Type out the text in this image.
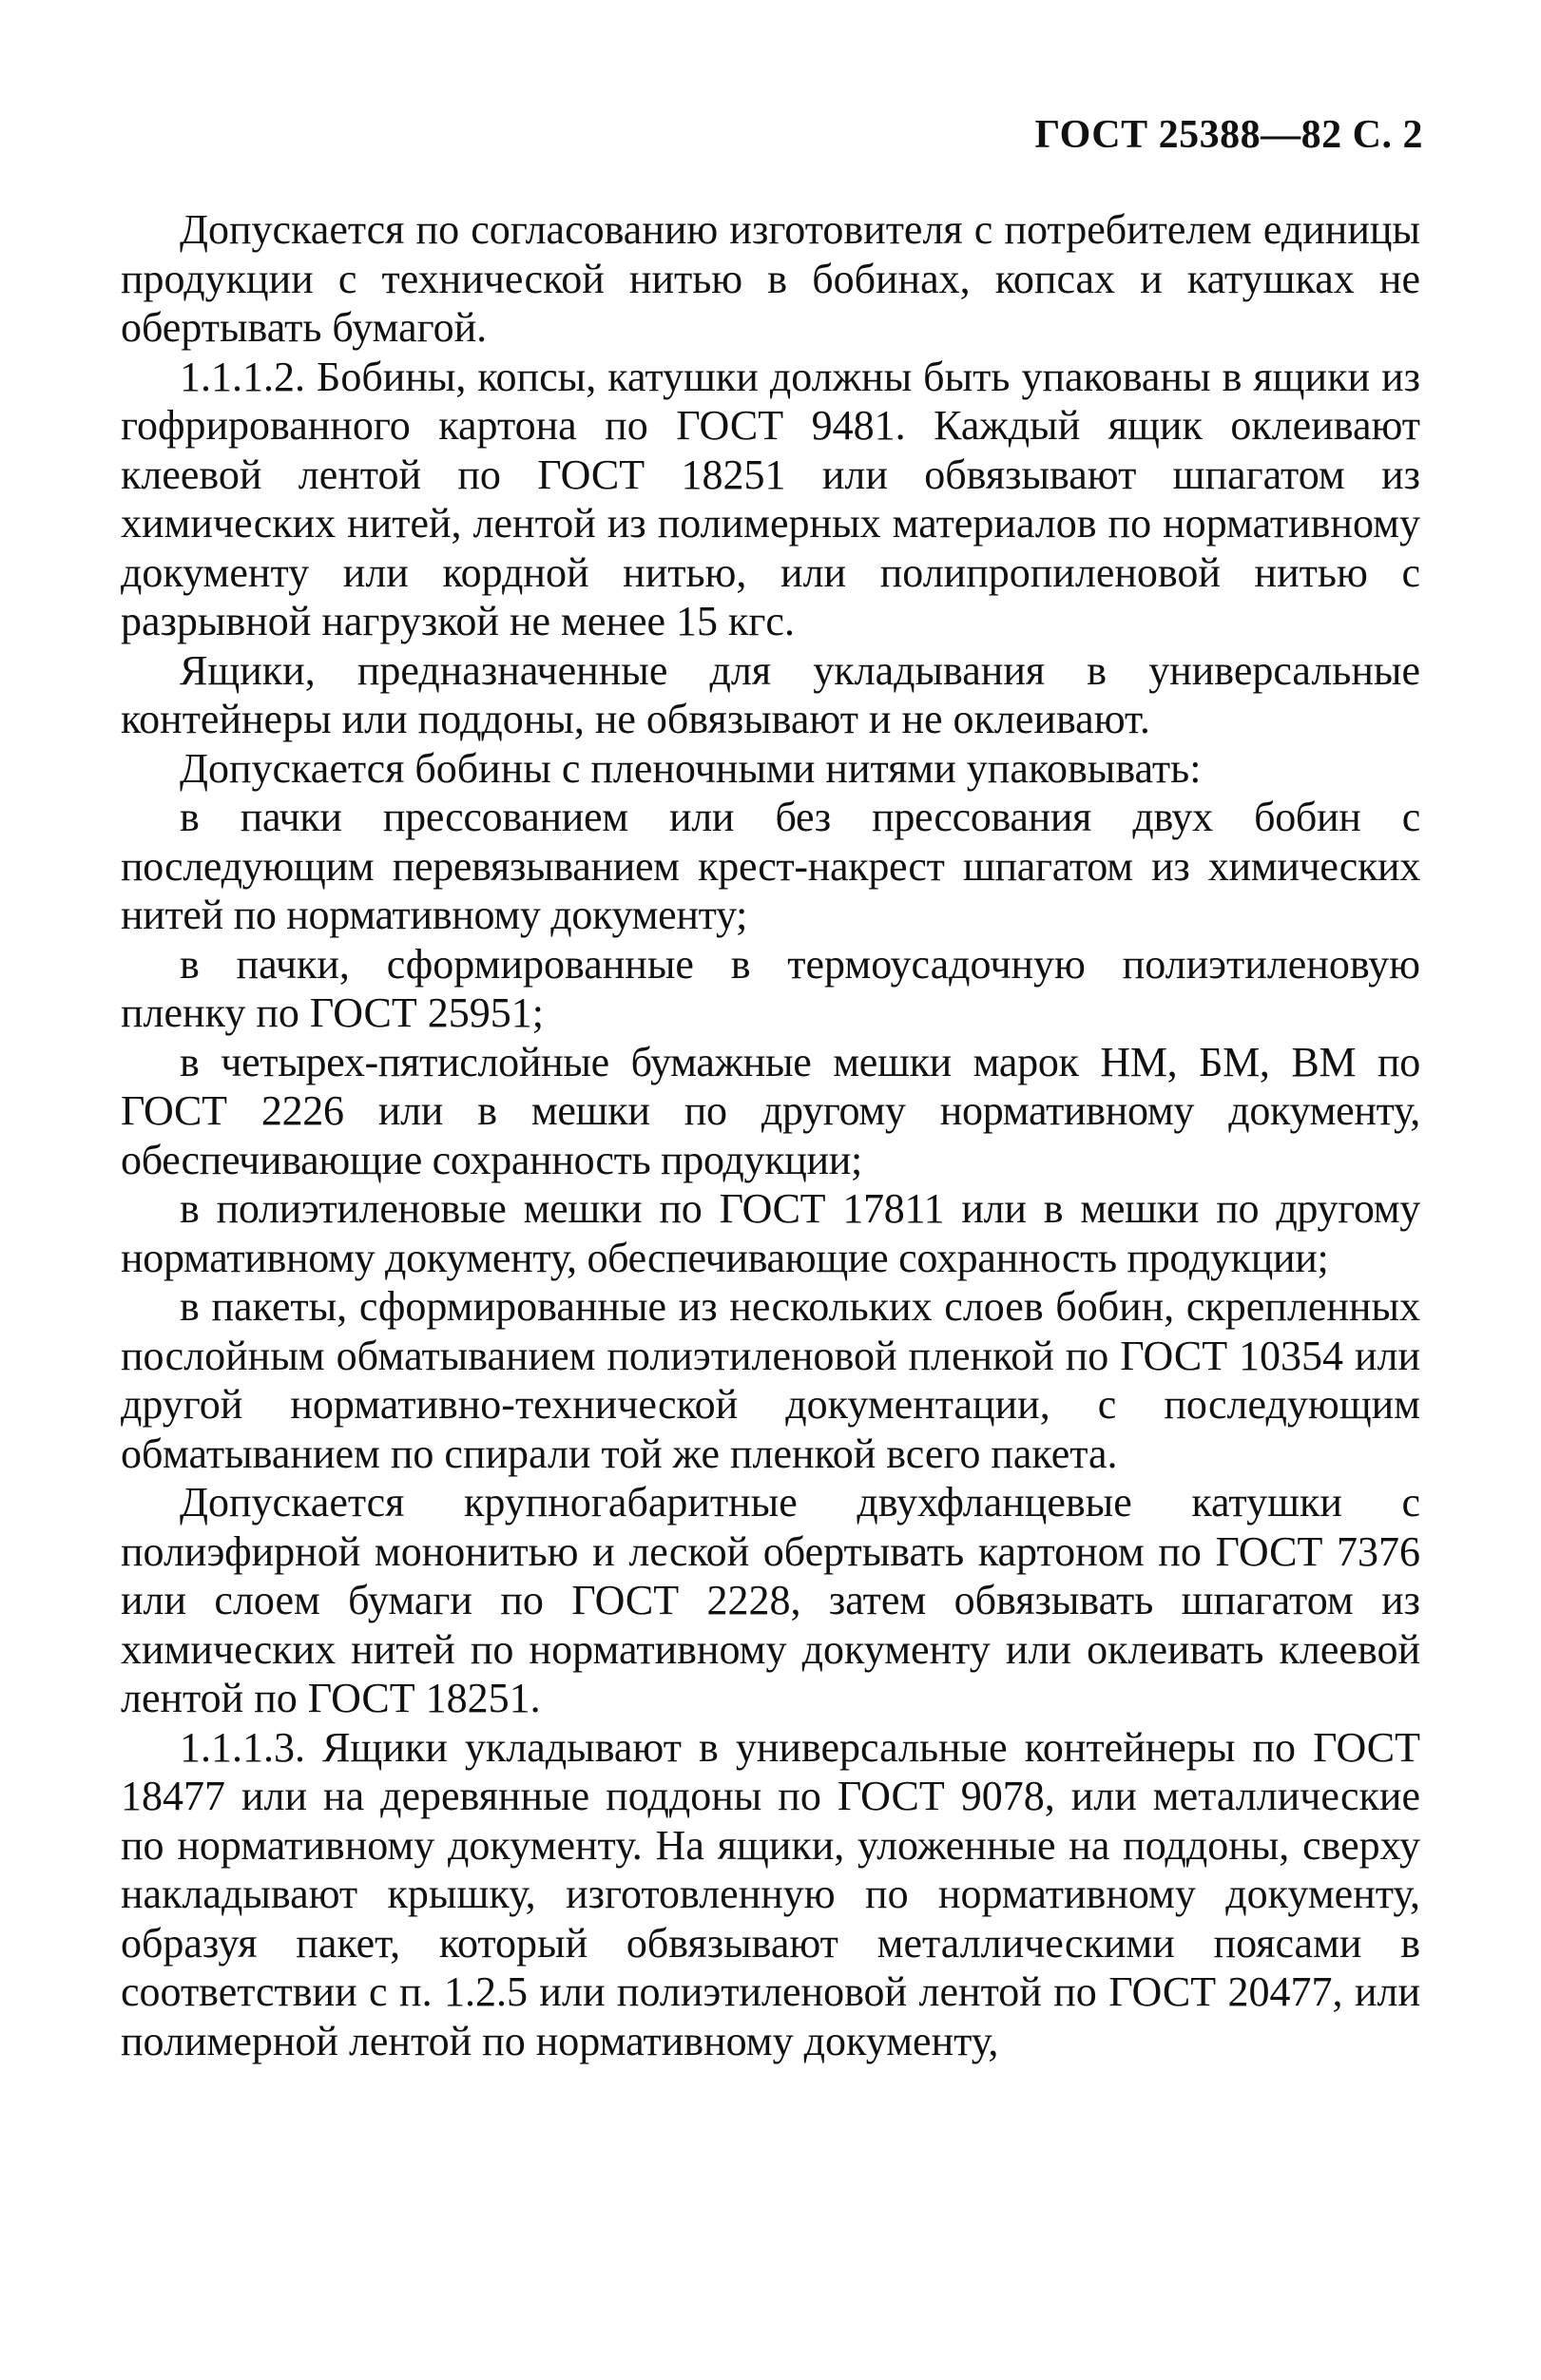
ГОСТ 25388—82 С. 2

Допускается по согласованию изготовителя с потребителем единицы продукции с технической нитью в бобинах, копсах и катушках не обертывать бумагой.

1.1.1.2. Бобины, копсы, катушки должны быть упакованы в ящики из гофрированного картона по ГОСТ 9481. Каждый ящик оклеивают клеевой лентой по ГОСТ 18251 или обвязывают шпагатом из химических нитей, лентой из полимерных материалов по нормативному документу или кордной нитью, или полипропиленовой нитью с разрывной нагрузкой не менее 15 кгс.

Ящики, предназначенные для укладывания в универсальные контейнеры или поддоны, не обвязывают и не оклеивают.

Допускается бобины с пленочными нитями упаковывать:

в пачки прессованием или без прессования двух бобин с последующим перевязыванием крест-накрест шпагатом из химических нитей по нормативному документу;

в пачки, сформированные в термоусадочную полиэтиленовую пленку по ГОСТ 25951;

в четырех-пятислойные бумажные мешки марок НМ, БМ, ВМ по ГОСТ 2226 или в мешки по другому нормативному документу, обеспечивающие сохранность продукции;

в полиэтиленовые мешки по ГОСТ 17811 или в мешки по другому нормативному документу, обеспечивающие сохранность продукции;

в пакеты, сформированные из нескольких слоев бобин, скрепленных послойным обматыванием полиэтиленовой пленкой по ГОСТ 10354 или другой нормативно-технической документации, с последующим обматыванием по спирали той же пленкой всего пакета.

Допускается крупногабаритные двухфланцевые катушки с полиэфирной мононитью и леской обертывать картоном по ГОСТ 7376 или слоем бумаги по ГОСТ 2228, затем обвязывать шпагатом из химических нитей по нормативному документу или оклеивать клеевой лентой по ГОСТ 18251.

1.1.1.3. Ящики укладывают в универсальные контейнеры по ГОСТ 18477 или на деревянные поддоны по ГОСТ 9078, или металлические по нормативному документу. На ящики, уложенные на поддоны, сверху накладывают крышку, изготовленную по нормативному документу, образуя пакет, который обвязывают металлическими поясами в соответствии с п. 1.2.5 или полиэтиленовой лентой по ГОСТ 20477, или полимерной лентой по нормативному документу,
